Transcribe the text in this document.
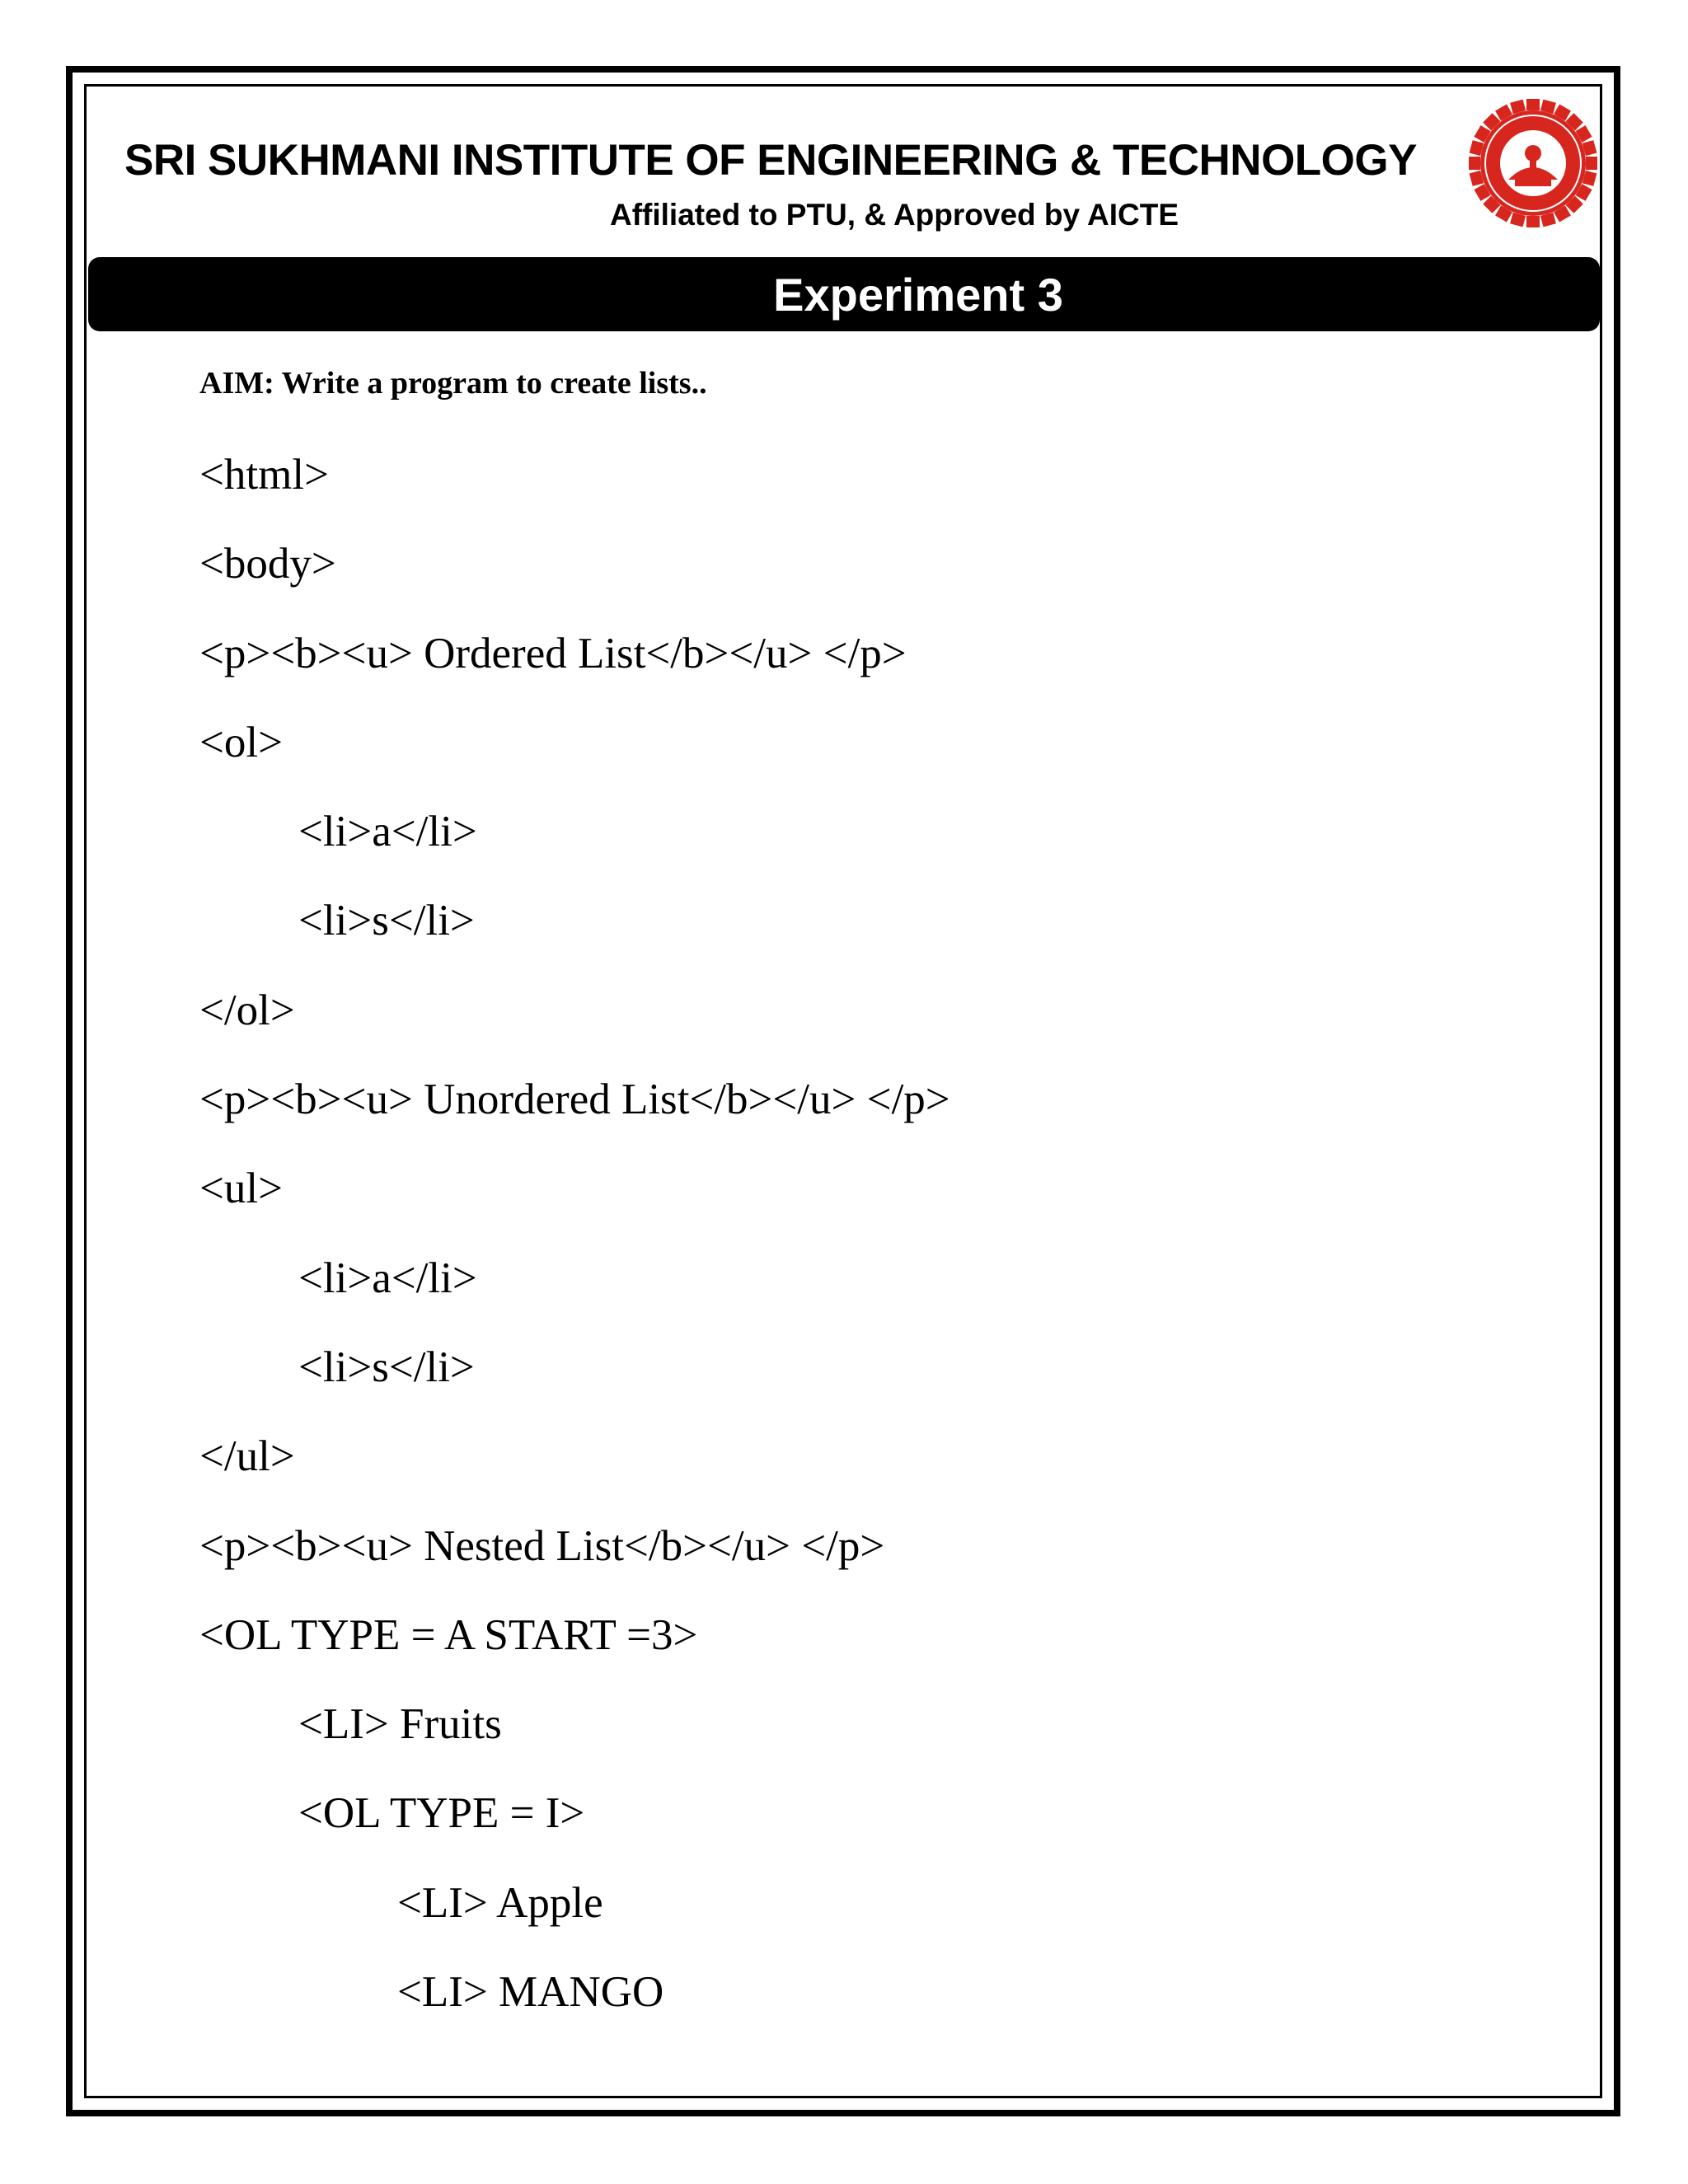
SRI SUKHMANI INSTITUTE OF ENGINEERING & TECHNOLOGY

Affiliated to PTU, & Approved by AICTE

Experiment 3
AIM: Write a program to create lists..
<html>
<body>
<p><b><u> Ordered List</b></u> </p>
<ol>
<li>a</li>
<li>s</li>
</ol>
<p><b><u> Unordered List</b></u> </p>
<ul>
<li>a</li>
<li>s</li>
</ul>
<p><b><u> Nested List</b></u> </p>
<OL TYPE = A START =3>
<LI> Fruits
<OL TYPE = I>
<LI> Apple
<LI> MANGO
